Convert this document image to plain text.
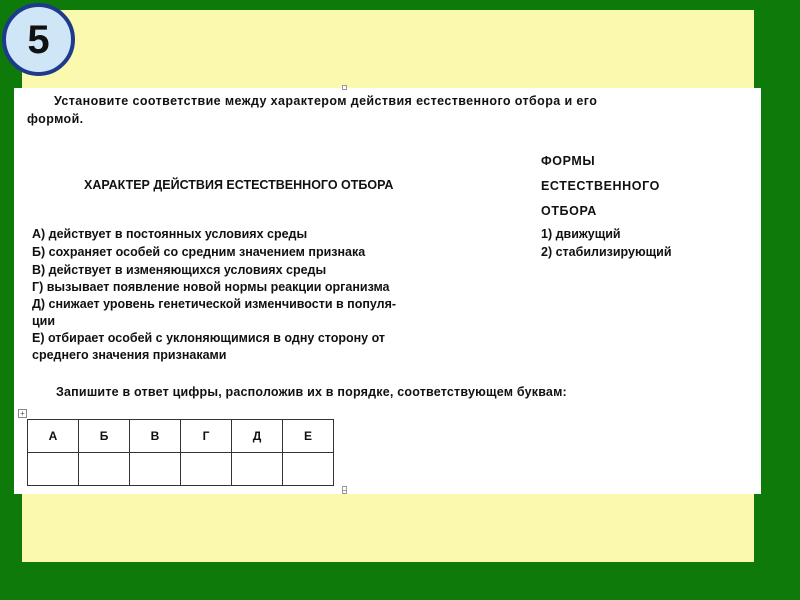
5
Установите соответствие между характером действия естественного отбора и его
формой.
ХАРАКТЕР ДЕЙСТВИЯ ЕСТЕСТВЕННОГО ОТБОРА
ФОРМЫ
ЕСТЕСТВЕННОГО
ОТБОРА
А) действует в постоянных условиях среды
Б) сохраняет особей со средним значением признака
В) действует в изменяющихся условиях среды
Г) вызывает появление новой нормы реакции организма
Д) снижает уровень генетической изменчивости в популя-
ции
Е) отбирает особей с уклоняющимися в одну сторону от
среднего значения признаками
1) движущий
2) стабилизирующий
Запишите в ответ цифры, расположив их в порядке, соответствующем буквам:
+
А	Б	В	Г	Д	Е
